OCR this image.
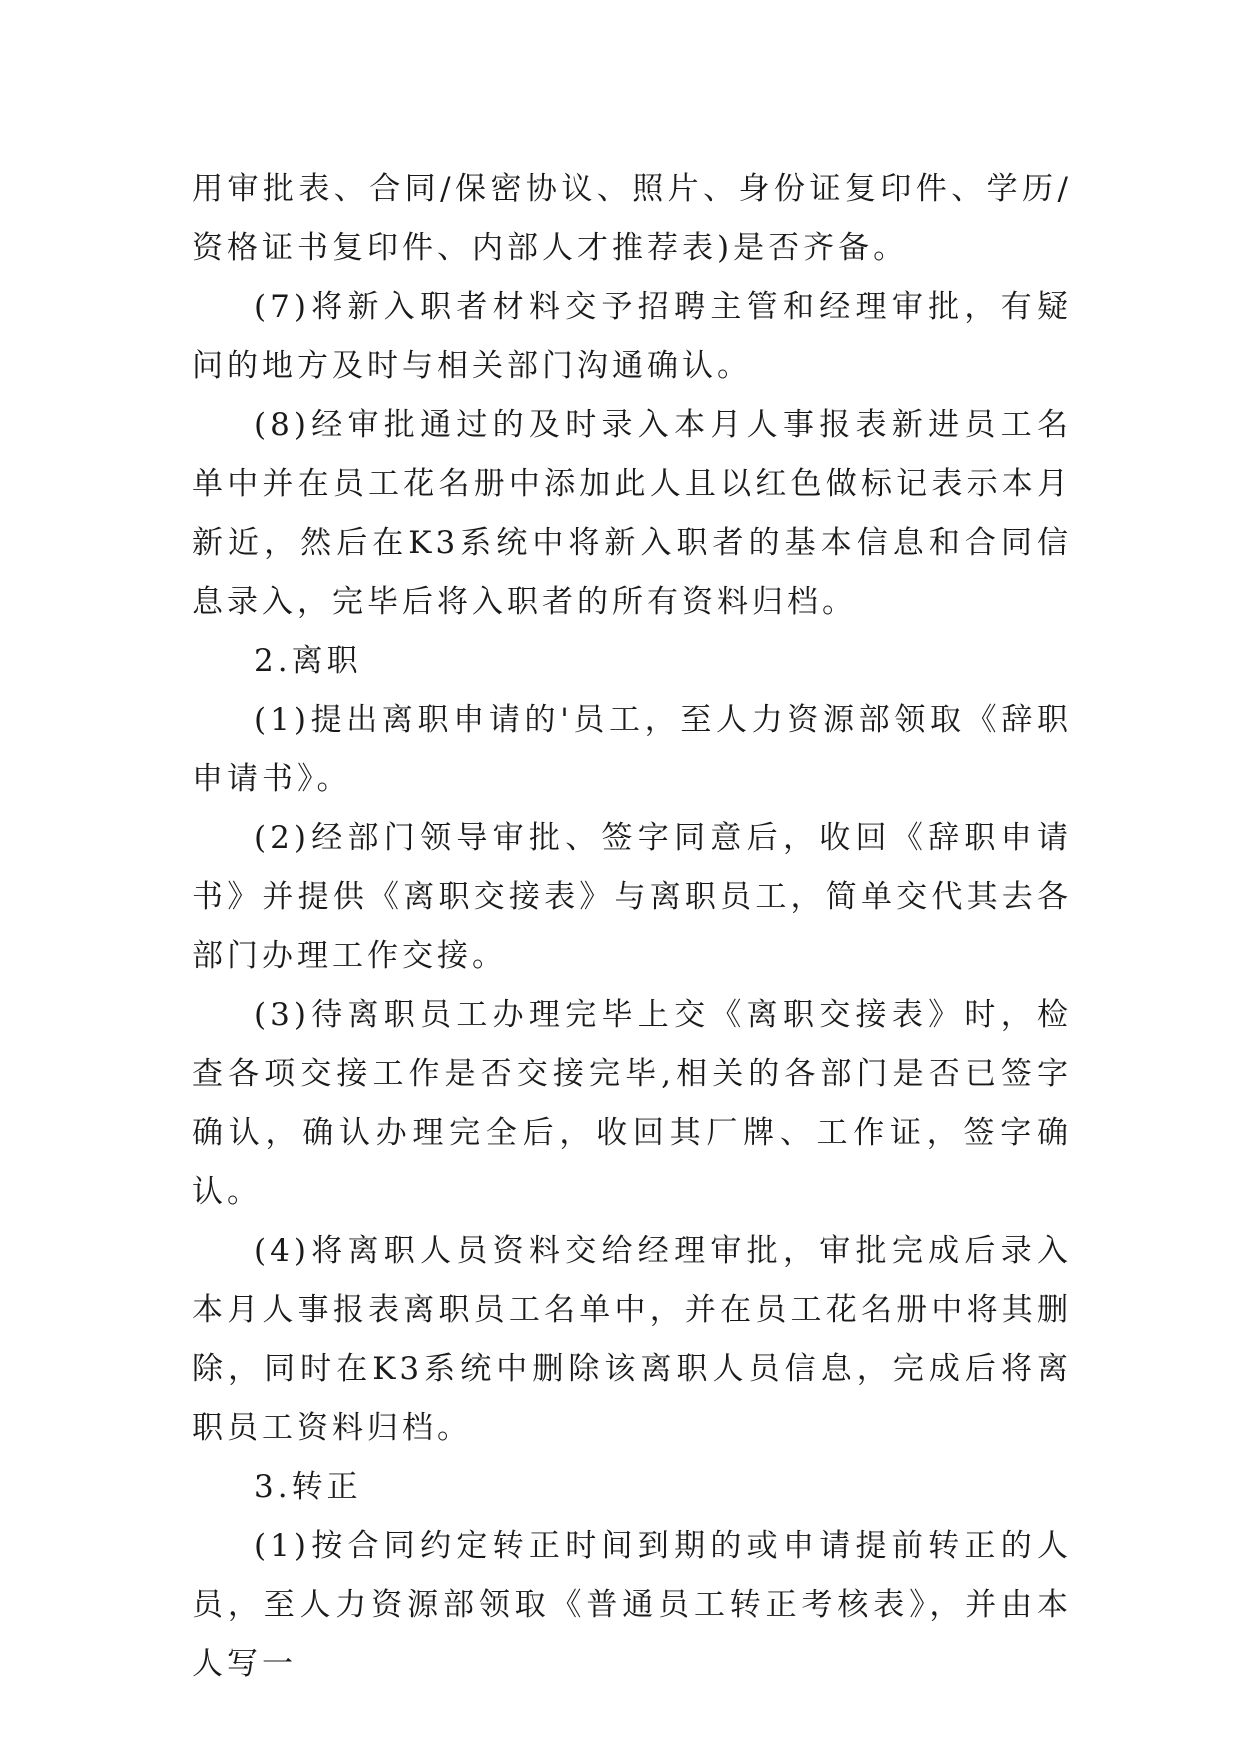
用审批表、合同/保密协议、照片、身份证复印件、学历/资格证书复印件、内部人才推荐表)是否齐备。

(7)将新入职者材料交予招聘主管和经理审批，有疑问的地方及时与相关部门沟通确认。

(8)经审批通过的及时录入本月人事报表新进员工名单中并在员工花名册中添加此人且以红色做标记表示本月新近，然后在K3系统中将新入职者的基本信息和合同信息录入，完毕后将入职者的所有资料归档。

2.离职

(1)提出离职申请的'员工，至人力资源部领取《辞职申请书》。

(2)经部门领导审批、签字同意后，收回《辞职申请书》并提供《离职交接表》与离职员工，简单交代其去各部门办理工作交接。

(3)待离职员工办理完毕上交《离职交接表》时，检查各项交接工作是否交接完毕,相关的各部门是否已签字确认，确认办理完全后，收回其厂牌、工作证，签字确认。

(4)将离职人员资料交给经理审批，审批完成后录入本月人事报表离职员工名单中，并在员工花名册中将其删除，同时在K3系统中删除该离职人员信息，完成后将离职员工资料归档。

3.转正

(1)按合同约定转正时间到期的或申请提前转正的人员，至人力资源部领取《普通员工转正考核表》，并由本人写一
